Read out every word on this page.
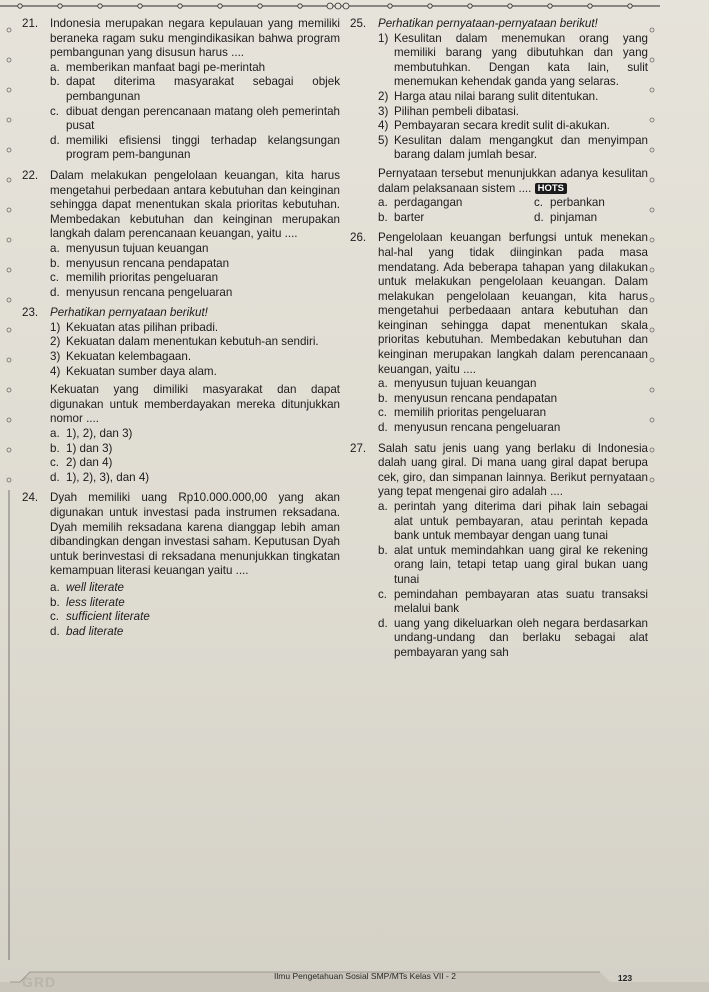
21. Indonesia merupakan negara kepulauan yang memiliki beraneka ragam suku mengindikasikan bahwa program pembangunan yang disusun harus ....
a. memberikan manfaat bagi pe-merintah
b. dapat diterima masyarakat sebagai objek pembangunan
c. dibuat dengan perencanaan matang oleh pemerintah pusat
d. memiliki efisiensi tinggi terhadap kelangsungan program pem-bangunan
22. Dalam melakukan pengelolaan keuangan, kita harus mengetahui perbedaan antara kebutuhan dan keinginan sehingga dapat menentukan skala prioritas kebutuhan. Membedakan kebutuhan dan keinginan merupakan langkah dalam perencanaan keuangan, yaitu ....
a. menyusun tujuan keuangan
b. menyusun rencana pendapatan
c. memilih prioritas pengeluaran
d. menyusun rencana pengeluaran
23. Perhatikan pernyataan berikut!
1) Kekuatan atas pilihan pribadi.
2) Kekuatan dalam menentukan kebutuh-an sendiri.
3) Kekuatan kelembagaan.
4) Kekuatan sumber daya alam.
Kekuatan yang dimiliki masyarakat dan dapat digunakan untuk memberdayakan mereka ditunjukkan nomor ....
a. 1), 2), dan 3)
b. 1) dan 3)
c. 2) dan 4)
d. 1), 2), 3), dan 4)
24. Dyah memiliki uang Rp10.000.000,00 yang akan digunakan untuk investasi pada instrumen reksadana. Dyah memilih reksadana karena dianggap lebih aman dibandingkan dengan investasi saham. Keputusan Dyah untuk berinvestasi di reksadana menunjukkan tingkatan kemampuan literasi keuangan yaitu ....
a. well literate
b. less literate
c. sufficient literate
d. bad literate
25. Perhatikan pernyataan-pernyataan berikut!
1) Kesulitan dalam menemukan orang yang memiliki barang yang dibutuhkan dan yang membutuhkan. Dengan kata lain, sulit menemukan kehendak ganda yang selaras.
2) Harga atau nilai barang sulit ditentukan.
3) Pilihan pembeli dibatasi.
4) Pembayaran secara kredit sulit di-akukan.
5) Kesulitan dalam mengangkut dan menyimpan barang dalam jumlah besar.
Pernyataan tersebut menunjukkan adanya kesulitan dalam pelaksanaan sistem .... HOTS
a. perdagangan	c. perbankan
b. barter	d. pinjaman
26. Pengelolaan keuangan berfungsi untuk menekan hal-hal yang tidak diinginkan pada masa mendatang. Ada beberapa tahapan yang dilakukan untuk melakukan pengelolaan keuangan. Dalam melakukan pengelolaan keuangan, kita harus mengetahui perbedaaan antara kebutuhan dan keinginan sehingga dapat menentukan skala prioritas kebutuhan. Membedakan kebutuhan dan keinginan merupakan langkah dalam perencanaan keuangan, yaitu ....
a. menyusun tujuan keuangan
b. menyusun rencana pendapatan
c. memilih prioritas pengeluaran
d. menyusun rencana pengeluaran
27. Salah satu jenis uang yang berlaku di Indonesia dalah uang giral. Di mana uang giral dapat berupa cek, giro, dan simpanan lainnya. Berikut pernyataan yang tepat mengenai giro adalah ....
a. perintah yang diterima dari pihak lain sebagai alat untuk pembayaran, atau perintah kepada bank untuk membayar dengan uang tunai
b. alat untuk memindahkan uang giral ke rekening orang lain, tetapi tetap uang giral bukan uang tunai
c. pemindahan pembayaran atas suatu transaksi melalui bank
d. uang yang dikeluarkan oleh negara berdasarkan undang-undang dan berlaku sebagai alat pembayaran yang sah
GRD	Ilmu Pengetahuan Sosial SMP/MTs Kelas VII - 2	123
